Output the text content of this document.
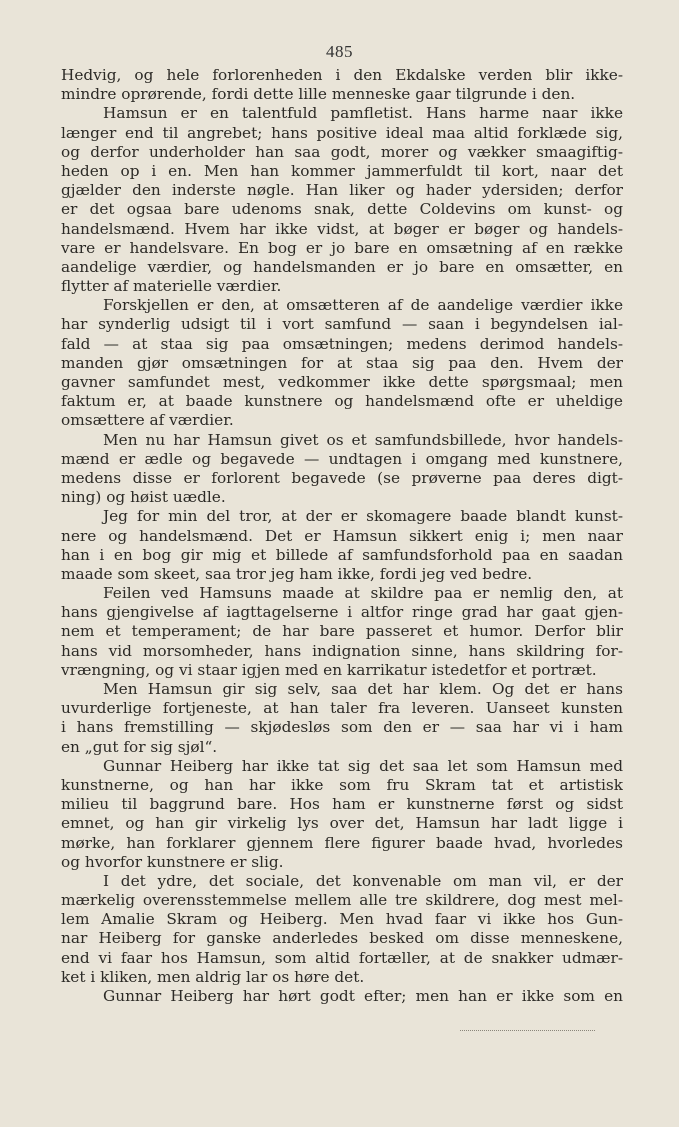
485
Hedvig, og hele forlorenheden i den Ekdalske verden blir ikke-
mindre oprørende, fordi dette lille menneske gaar tilgrunde i den.
Hamsun er en talentfuld pamfletist. Hans harme naar ikke
længer end til angrebet; hans positive ideal maa altid forklæde sig,
og derfor underholder han saa godt, morer og vækker smaagiftig-
heden op i en. Men han kommer jammerfuldt til kort, naar det
gjælder den inderste nøgle. Han liker og hader ydersiden; derfor
er det ogsaa bare udenoms snak, dette Coldevins om kunst- og
handelsmænd. Hvem har ikke vidst, at bøger er bøger og handels-
vare er handelsvare. En bog er jo bare en omsætning af en række
aandelige værdier, og handelsmanden er jo bare en omsætter, en
flytter af materielle værdier.
Forskjellen er den, at omsætteren af de aandelige værdier ikke
har synderlig udsigt til i vort samfund — saan i begyndelsen ial-
fald — at staa sig paa omsætningen; medens derimod handels-
manden gjør omsætningen for at staa sig paa den. Hvem der
gavner samfundet mest, vedkommer ikke dette spørgsmaal; men
faktum er, at baade kunstnere og handelsmænd ofte er uheldige
omsættere af værdier.
Men nu har Hamsun givet os et samfundsbillede, hvor handels-
mænd er ædle og begavede — undtagen i omgang med kunstnere,
medens disse er forlorent begavede (se prøverne paa deres digt-
ning) og høist uædle.
Jeg for min del tror, at der er skomagere baade blandt kunst-
nere og handelsmænd. Det er Hamsun sikkert enig i; men naar
han i en bog gir mig et billede af samfundsforhold paa en saadan
maade som skeet, saa tror jeg ham ikke, fordi jeg ved bedre.
Feilen ved Hamsuns maade at skildre paa er nemlig den, at
hans gjengivelse af iagttagelserne i altfor ringe grad har gaat gjen-
nem et temperament; de har bare passeret et humor. Derfor blir
hans vid morsomheder, hans indignation sinne, hans skildring for-
vrængning, og vi staar igjen med en karrikatur istedetfor et portræt.
Men Hamsun gir sig selv, saa det har klem. Og det er hans
uvurderlige fortjeneste, at han taler fra leveren. Uanseet kunsten
i hans fremstilling — skjødesløs som den er — saa har vi i ham
en „gut for sig sjøl“.
Gunnar Heiberg har ikke tat sig det saa let som Hamsun med
kunstnerne, og han har ikke som fru Skram tat et artistisk
milieu til baggrund bare. Hos ham er kunstnerne først og sidst
emnet, og han gir virkelig lys over det, Hamsun har ladt ligge i
mørke, han forklarer gjennem flere figurer baade hvad, hvorledes
og hvorfor kunstnere er slig.
I det ydre, det sociale, det konvenable om man vil, er der
mærkelig overensstemmelse mellem alle tre skildrere, dog mest mel-
lem Amalie Skram og Heiberg. Men hvad faar vi ikke hos Gun-
nar Heiberg for ganske anderledes besked om disse menneskene,
end vi faar hos Hamsun, som altid fortæller, at de snakker udmær-
ket i kliken, men aldrig lar os høre det.
Gunnar Heiberg har hørt godt efter; men han er ikke som en
